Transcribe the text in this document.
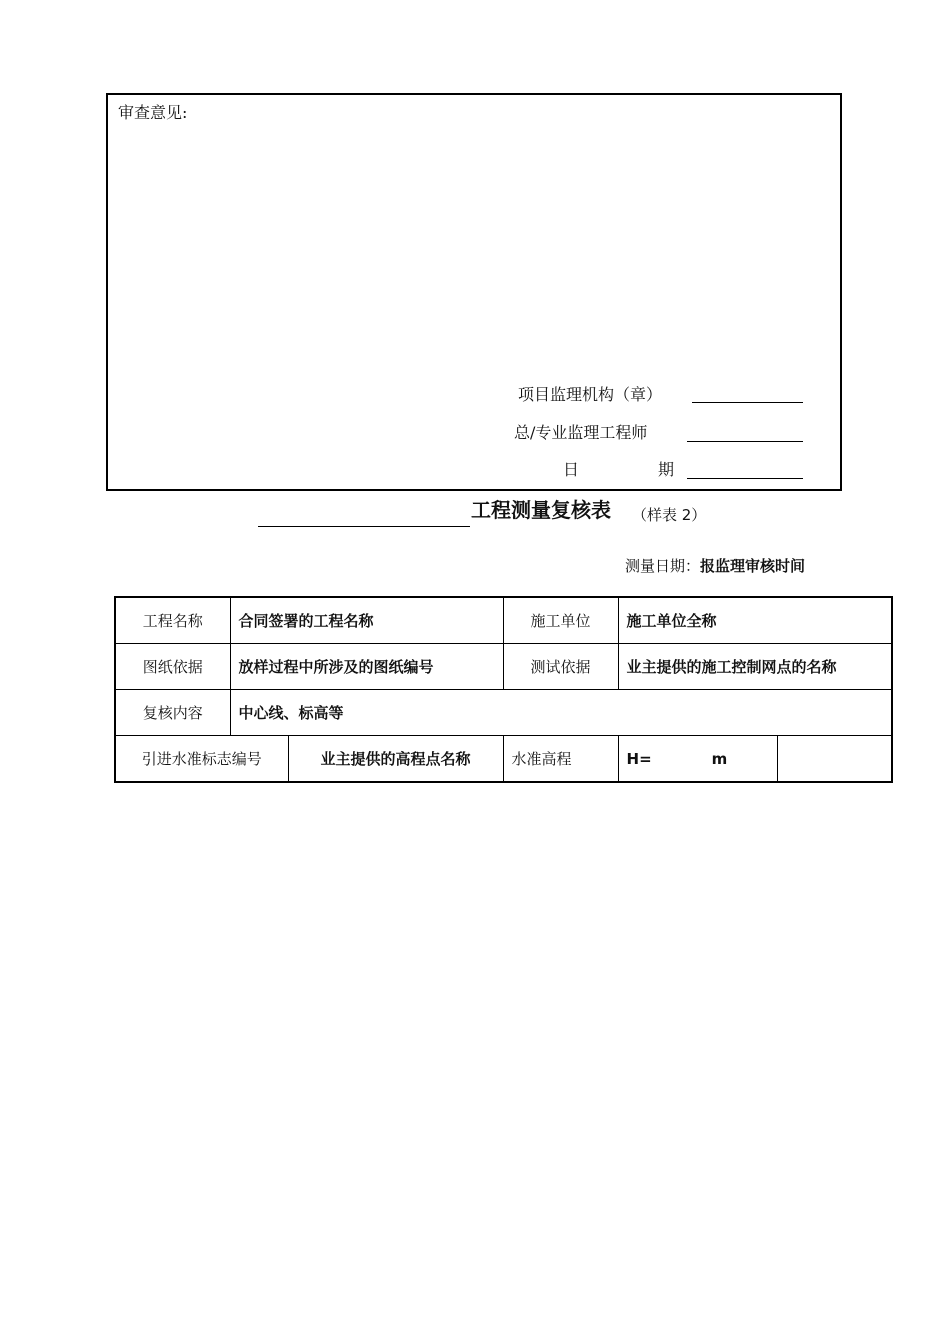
审查意见:
项目监理机构（章）
总/专业监理工程师
日	期
工程测量复核表 （样表 2）
测量日期：报监理审核时间
工程名称	合同签署的工程名称		施工单位	施工单位全称	
图纸依据	放样过程中所涉及的图纸编号		测试依据	业主提供的施工控制网点的名称	
复核内容	中心线、标高等				
引进水准标志编号		业主提供的高程点名称	水准高程	H= m	
